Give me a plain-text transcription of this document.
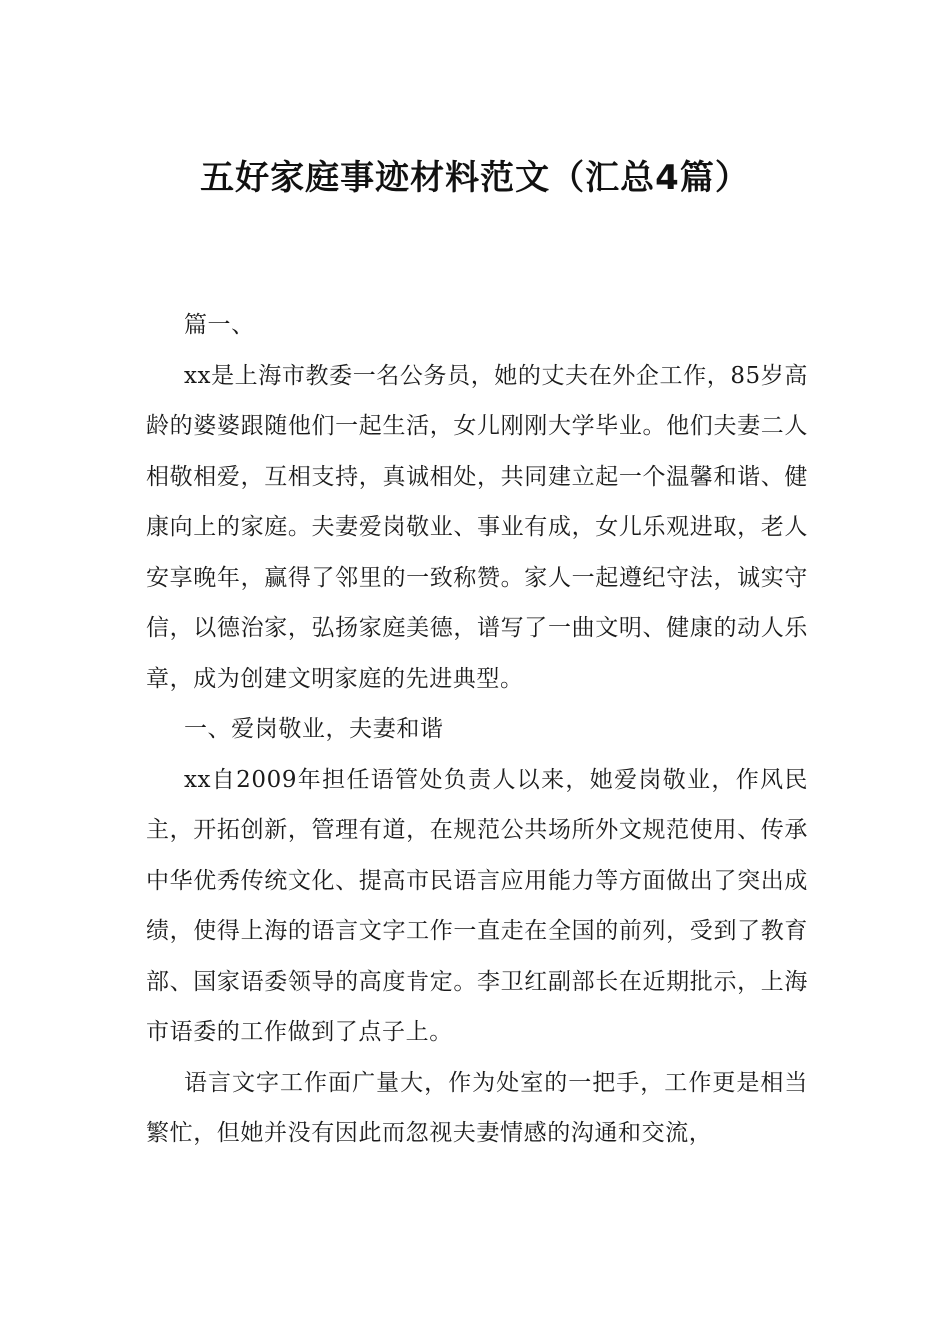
五好家庭事迹材料范文（汇总4篇）

篇一、

xx是上海市教委一名公务员，她的丈夫在外企工作，85岁高龄的婆婆跟随他们一起生活，女儿刚刚大学毕业。他们夫妻二人相敬相爱，互相支持，真诚相处，共同建立起一个温馨和谐、健康向上的家庭。夫妻爱岗敬业、事业有成，女儿乐观进取，老人安享晚年，赢得了邻里的一致称赞。家人一起遵纪守法，诚实守信，以德治家，弘扬家庭美德，谱写了一曲文明、健康的动人乐章，成为创建文明家庭的先进典型。

一、爱岗敬业，夫妻和谐

xx自2009年担任语管处负责人以来，她爱岗敬业，作风民主，开拓创新，管理有道，在规范公共场所外文规范使用、传承中华优秀传统文化、提高市民语言应用能力等方面做出了突出成绩，使得上海的语言文字工作一直走在全国的前列，受到了教育部、国家语委领导的高度肯定。李卫红副部长在近期批示，上海市语委的工作做到了点子上。

语言文字工作面广量大，作为处室的一把手，工作更是相当繁忙，但她并没有因此而忽视夫妻情感的沟通和交流，
